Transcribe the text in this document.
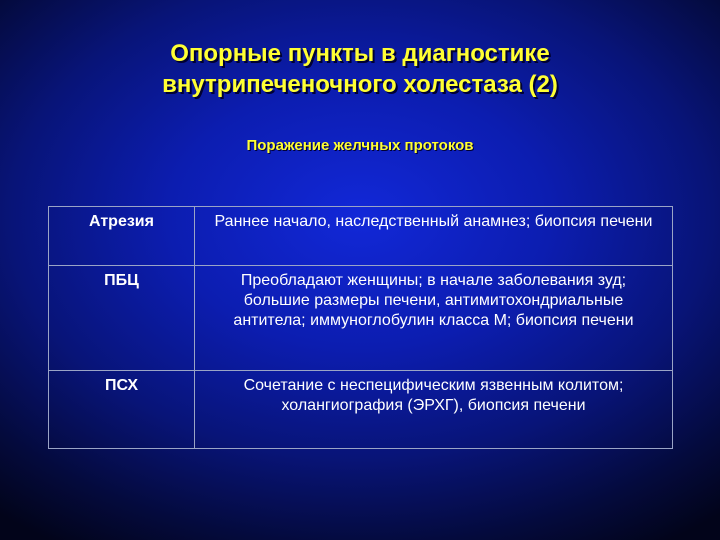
Опорные пункты в диагностике
внутрипеченочного холестаза (2)
Поражение желчных протоков
Атрезия	Раннее начало, наследственный анамнез; биопсия печени
ПБЦ	Преобладают женщины; в начале заболевания зуд; большие размеры печени, антимитохондриальные антитела; иммуноглобулин класса М; биопсия печени
ПСХ	Сочетание с неспецифическим язвенным колитом; холангиография (ЭРХГ), биопсия печени
